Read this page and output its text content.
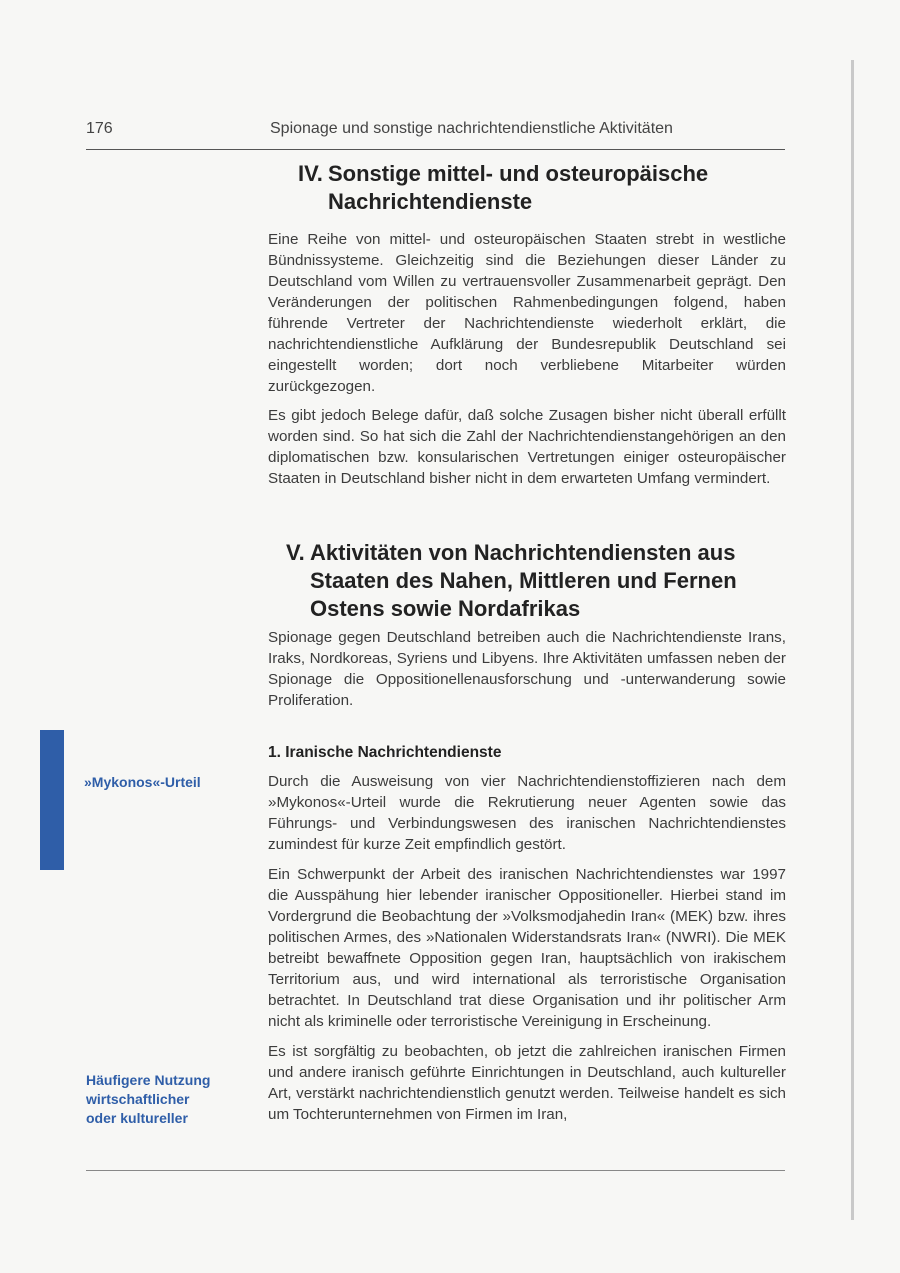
176	Spionage und sonstige nachrichtendienstliche Aktivitäten
IV. Sonstige mittel- und osteuropäische Nachrichtendienste

Eine Reihe von mittel- und osteuropäischen Staaten strebt in westliche Bündnissysteme. Gleichzeitig sind die Beziehungen dieser Länder zu Deutschland vom Willen zu vertrauensvoller Zusammenarbeit geprägt. Den Veränderungen der politischen Rahmenbedingungen folgend, haben führende Vertreter der Nachrichtendienste wiederholt erklärt, die nachrichtendienstliche Aufklärung der Bundesrepublik Deutschland sei eingestellt worden; dort noch verbliebene Mitarbeiter würden zurückgezogen.

Es gibt jedoch Belege dafür, daß solche Zusagen bisher nicht überall erfüllt worden sind. So hat sich die Zahl der Nachrichtendienstangehörigen an den diplomatischen bzw. konsularischen Vertretungen einiger osteuropäischer Staaten in Deutschland bisher nicht in dem erwarteten Umfang vermindert.

V. Aktivitäten von Nachrichtendiensten aus Staaten des Nahen, Mittleren und Fernen Ostens sowie Nordafrikas

Spionage gegen Deutschland betreiben auch die Nachrichtendienste Irans, Iraks, Nordkoreas, Syriens und Libyens. Ihre Aktivitäten umfassen neben der Spionage die Oppositionellenausforschung und -unterwanderung sowie Proliferation.

1. Iranische Nachrichtendienste

Durch die Ausweisung von vier Nachrichtendienstoffizieren nach dem »Mykonos«-Urteil wurde die Rekrutierung neuer Agenten sowie das Führungs- und Verbindungswesen des iranischen Nachrichtendienstes zumindest für kurze Zeit empfindlich gestört.

Ein Schwerpunkt der Arbeit des iranischen Nachrichtendienstes war 1997 die Ausspähung hier lebender iranischer Oppositioneller. Hierbei stand im Vordergrund die Beobachtung der »Volksmodjahedin Iran« (MEK) bzw. ihres politischen Armes, des »Nationalen Widerstandsrats Iran« (NWRI). Die MEK betreibt bewaffnete Opposition gegen Iran, hauptsächlich von irakischem Territorium aus, und wird international als terroristische Organisation betrachtet. In Deutschland trat diese Organisation und ihr politischer Arm nicht als kriminelle oder terroristische Vereinigung in Erscheinung.

Es ist sorgfältig zu beobachten, ob jetzt die zahlreichen iranischen Firmen und andere iranisch geführte Einrichtungen in Deutschland, auch kultureller Art, verstärkt nachrichtendienstlich genutzt werden. Teilweise handelt es sich um Tochterunternehmen von Firmen im Iran,

»Mykonos«-Urteil
Häufigere Nutzung wirtschaftlicher oder kultureller
